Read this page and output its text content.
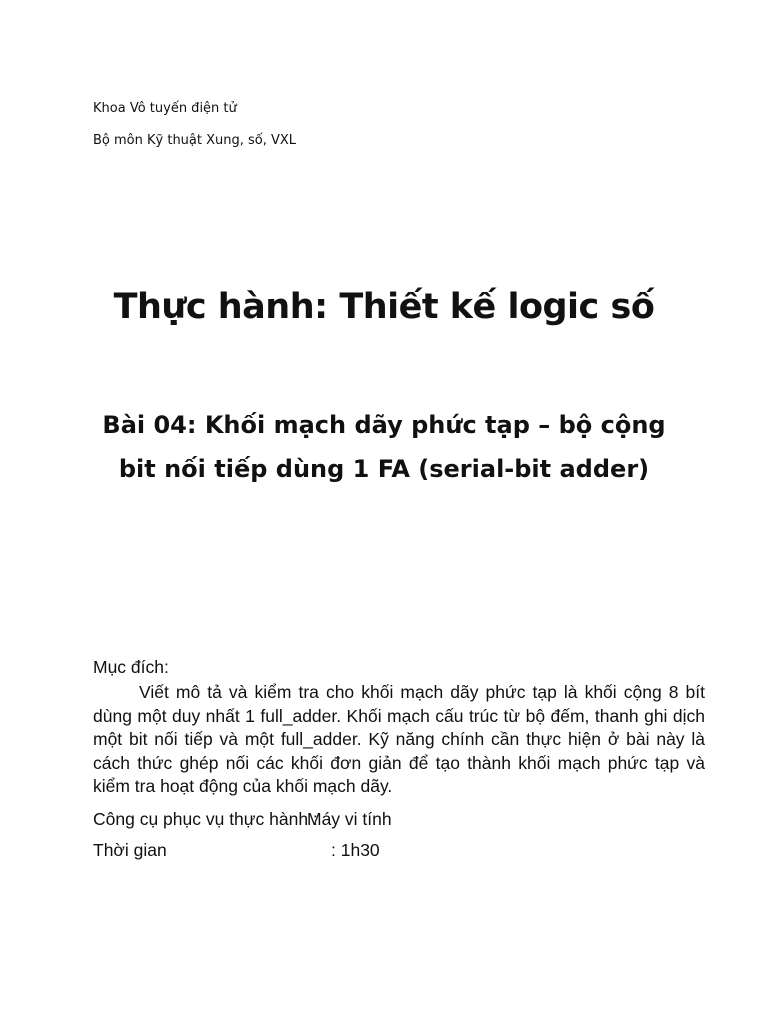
Khoa Vô tuyến điện tử
Bộ môn Kỹ thuật Xung, số, VXL
Thực hành: Thiết kế logic số
Bài 04: Khối mạch dãy phức tạp – bộ cộng
bit nối tiếp dùng 1 FA (serial-bit adder)
Mục đích:
Viết mô tả và kiểm tra cho khối mạch dãy phức tạp là khối cộng 8 bít dùng một duy nhất 1 full_adder. Khối mạch cấu trúc từ bộ đếm, thanh ghi dịch một bit nối tiếp và một full_adder. Kỹ năng chính cần thực hiện ở bài này là cách thức ghép nối các khối đơn giản để tạo thành khối mạch phức tạp và kiểm tra hoạt động của khối mạch dãy.
Công cụ phục vụ thực hành :Máy vi tính
Thời gian	: 1h30
